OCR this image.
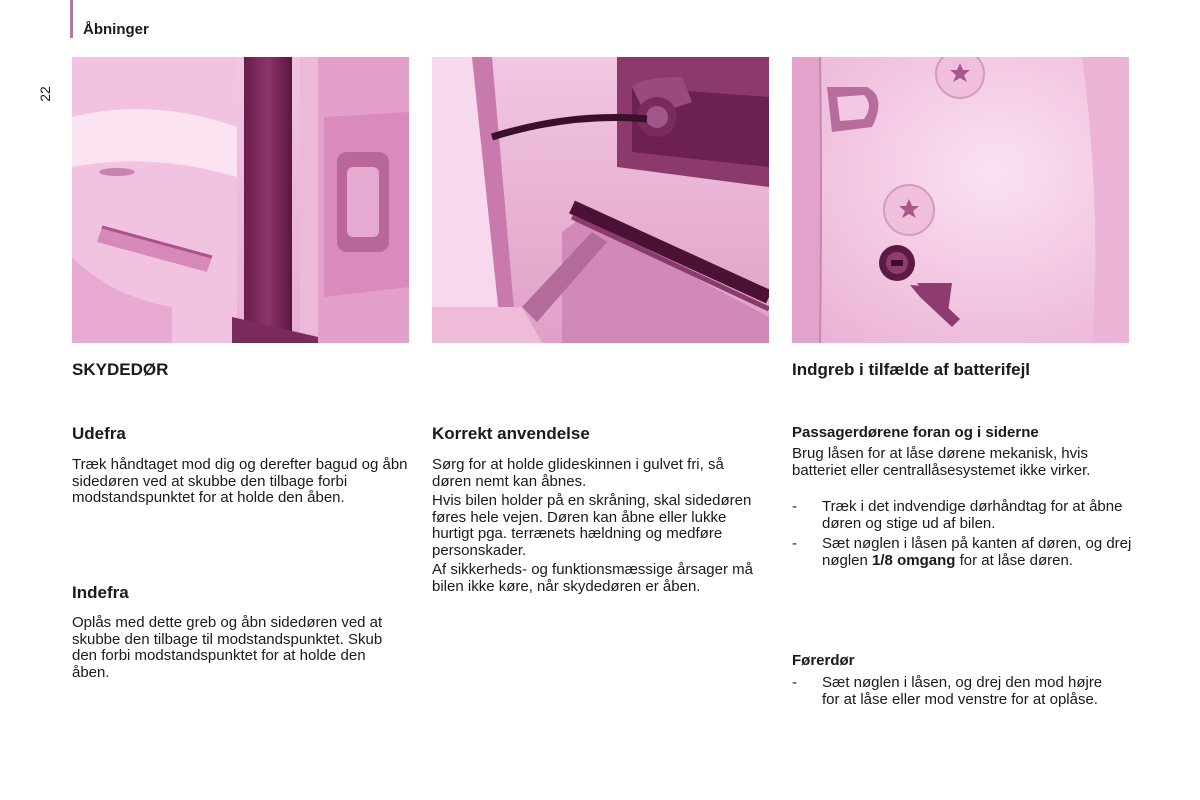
Åbninger
22
SKYDEDØR
Udefra

Træk håndtaget mod dig og derefter bagud og åbn sidedøren ved at skubbe den tilbage forbi modstandspunktet for at holde den åben.

Indefra

Oplås med dette greb og åbn sidedøren ved at skubbe den tilbage til modstandspunktet. Skub den forbi modstandspunktet for at holde den åben.

Korrekt anvendelse

Sørg for at holde glideskinnen i gulvet fri, så døren nemt kan åbnes.

Hvis bilen holder på en skråning, skal sidedøren føres hele vejen. Døren kan åbne eller lukke hurtigt pga. terrænets hældning og medføre personskader.

Af sikkerheds- og funktionsmæssige årsager må bilen ikke køre, når skydedøren er åben.

Indgreb i tilfælde af batterifejl
Passagerdørene foran og i siderne

Brug låsen for at låse dørene mekanisk, hvis batteriet eller centrallåsesystemet ikke virker.

- Træk i det indvendige dørhåndtag for at åbne døren og stige ud af bilen.
- Sæt nøglen i låsen på kanten af døren, og drej nøglen 1/8 omgang for at låse døren.
Førerdør
- Sæt nøglen i låsen, og drej den mod højre for at låse eller mod venstre for at oplåse.
